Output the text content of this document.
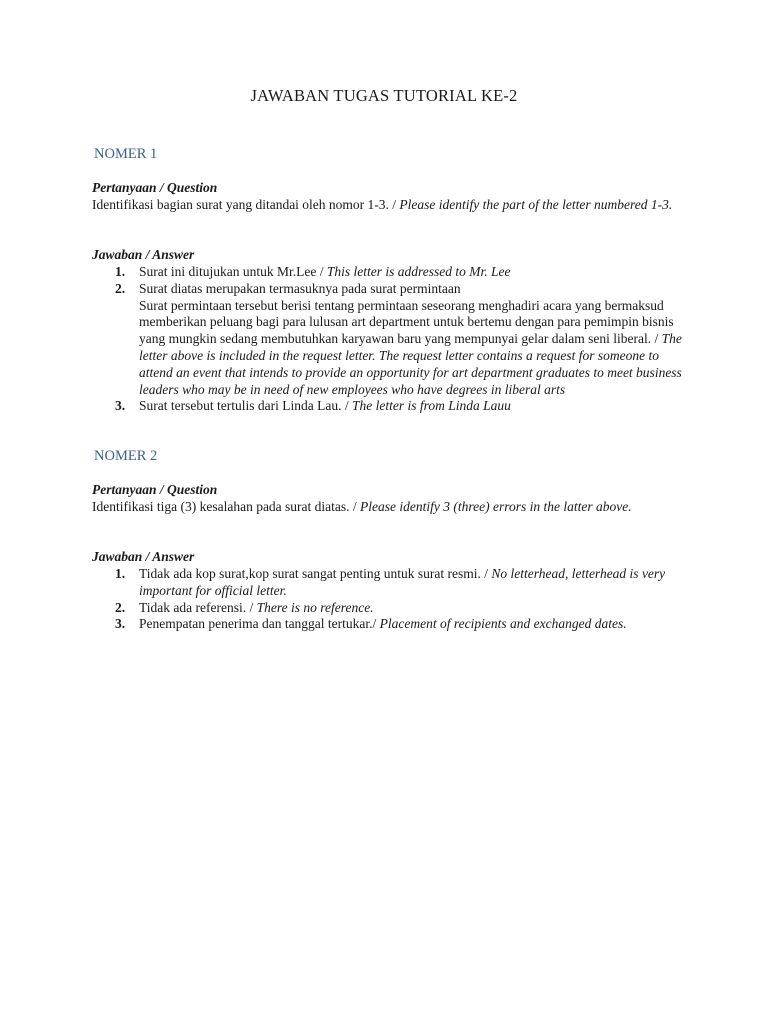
JAWABAN TUGAS TUTORIAL KE-2
NOMER 1
Pertanyaan / Question
Identifikasi bagian surat yang ditandai oleh nomor 1-3. / Please identify the part of the letter numbered 1-3.
Jawaban / Answer
1. Surat ini ditujukan untuk Mr.Lee / This letter is addressed to Mr. Lee
2. Surat diatas merupakan termasuknya pada surat permintaan
Surat permintaan tersebut berisi tentang permintaan seseorang menghadiri acara yang bermaksud memberikan peluang bagi para lulusan art department untuk bertemu dengan para pemimpin bisnis yang mungkin sedang membutuhkan karyawan baru yang mempunyai gelar dalam seni liberal. / The letter above is included in the request letter. The request letter contains a request for someone to attend an event that intends to provide an opportunity for art department graduates to meet business leaders who may be in need of new employees who have degrees in liberal arts
3. Surat tersebut tertulis dari Linda Lau. / The letter is from Linda Lauu
NOMER 2
Pertanyaan / Question
Identifikasi tiga (3) kesalahan pada surat diatas. / Please identify 3 (three) errors in the latter above.
Jawaban / Answer
1. Tidak ada kop surat,kop surat sangat penting untuk surat resmi. / No letterhead, letterhead is very important for official letter.
2. Tidak ada referensi. / There is no reference.
3. Penempatan penerima dan tanggal tertukar./ Placement of recipients and exchanged dates.
